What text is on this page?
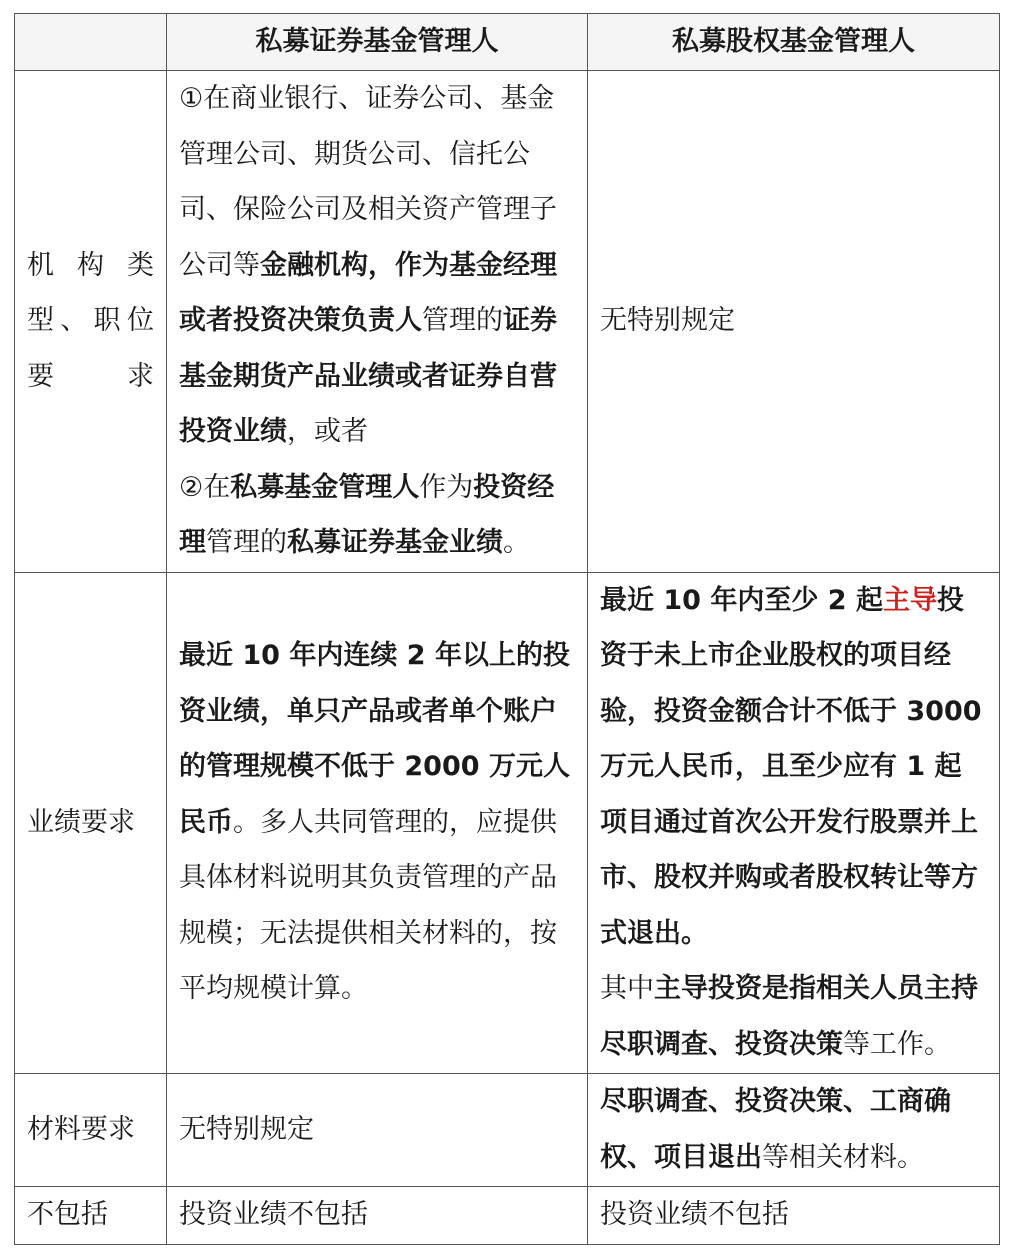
	私募证券基金管理人	私募股权基金管理人
机构类型、职位要求	①在商业银行、证券公司、基金管理公司、期货公司、信托公司、保险公司及相关资产管理子公司等金融机构，作为基金经理或者投资决策负责人管理的证券基金期货产品业绩或者证券自营投资业绩，或者

②在私募基金管理人作为投资经理管理的私募证券基金业绩。	无特别规定
业绩要求	最近 10 年内连续 2 年以上的投资业绩，单只产品或者单个账户的管理规模不低于 2000 万元人民币。多人共同管理的，应提供具体材料说明其负责管理的产品规模；无法提供相关材料的，按平均规模计算。	最近 10 年内至少 2 起主导投资于未上市企业股权的项目经验，投资金额合计不低于 3000 万元人民币，且至少应有 1 起项目通过首次公开发行股票并上市、股权并购或者股权转让等方式退出。

其中主导投资是指相关人员主持尽职调查、投资决策等工作。

材料要求	无特别规定	尽职调查、投资决策、工商确权、项目退出等相关材料。
不包括	投资业绩不包括	投资业绩不包括
